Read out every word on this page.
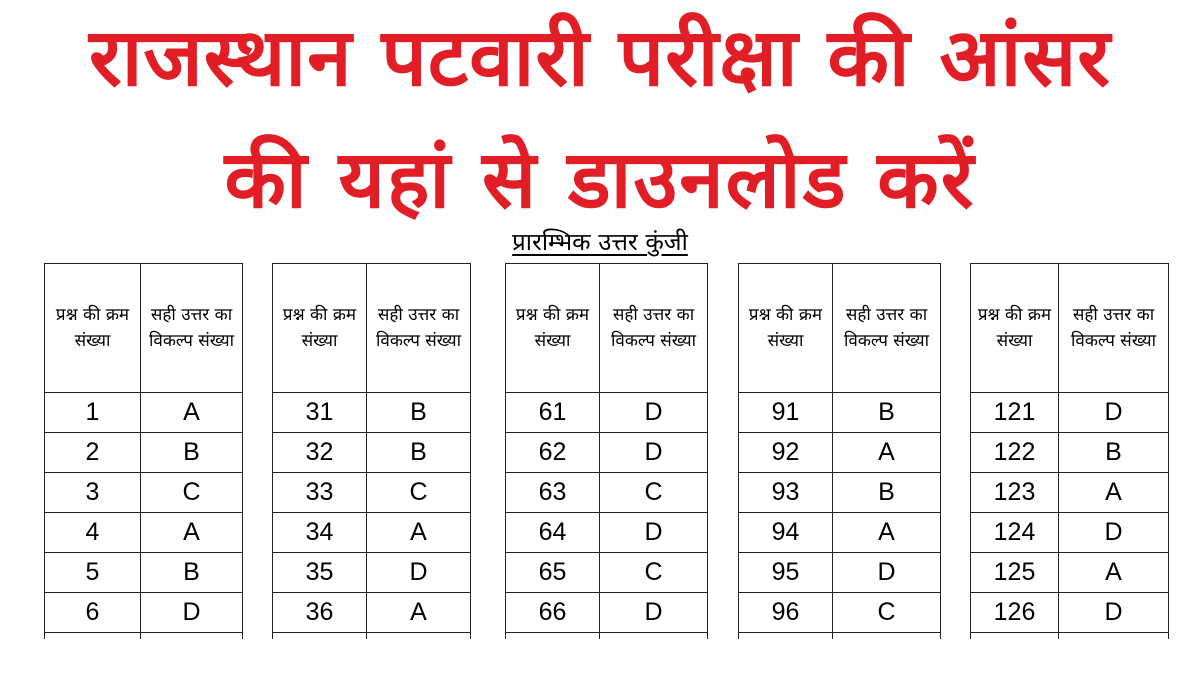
राजस्थान पटवारी परीक्षा की आंसर
की यहां से डाउनलोड करें
प्रारम्भिक उत्तर कुंजी
प्रश्न की क्रम संख्या	सही उत्तर का विकल्प संख्या
1	A
2	B
3	C
4	A
5	B
6	D

प्रश्न की क्रम संख्या	सही उत्तर का विकल्प संख्या
31	B
32	B
33	C
34	A
35	D
36	A

प्रश्न की क्रम संख्या	सही उत्तर का विकल्प संख्या
61	D
62	D
63	C
64	D
65	C
66	D

प्रश्न की क्रम संख्या	सही उत्तर का विकल्प संख्या
91	B
92	A
93	B
94	A
95	D
96	C

प्रश्न की क्रम संख्या	सही उत्तर का विकल्प संख्या
121	D
122	B
123	A
124	D
125	A
126	D
